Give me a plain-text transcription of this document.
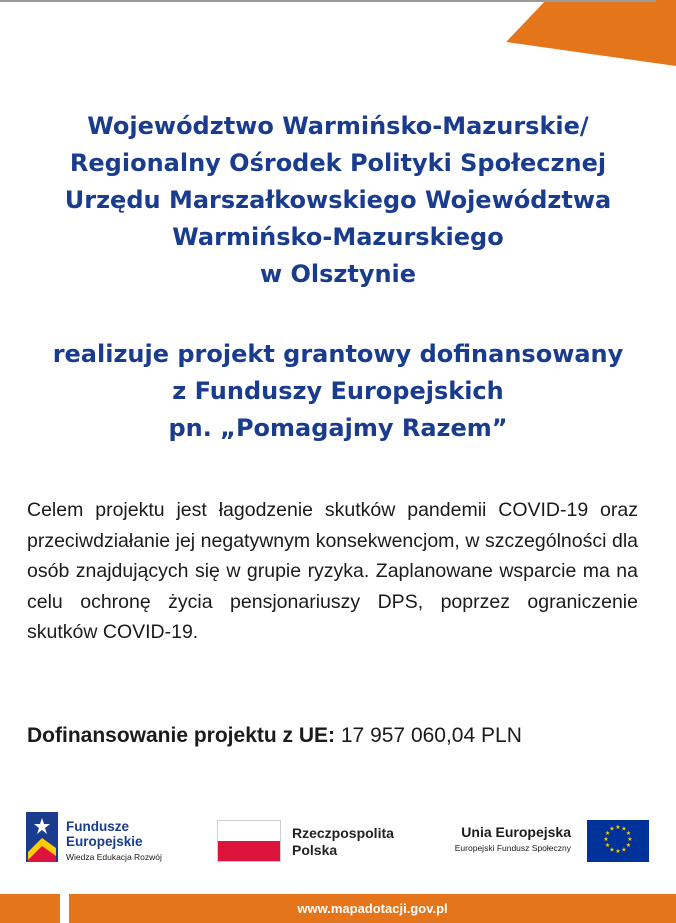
Województwo Warmińsko-Mazurskie/
Regionalny Ośrodek Polityki Społecznej
Urzędu Marszałkowskiego Województwa
Warmińsko-Mazurskiego
w Olsztynie
realizuje projekt grantowy dofinansowany
z Funduszy Europejskich
pn. „Pomagajmy Razem”
Celem projektu jest łagodzenie skutków pandemii COVID-19 oraz przeciwdziałanie jej negatywnym konsekwencjom, w szczególności dla osób znajdujących się w grupie ryzyka. Zaplanowane wsparcie ma na celu ochronę życia pensjonariuszy DPS, poprzez ograniczenie skutków COVID-19.
Dofinansowanie projektu z UE: 17 957 060,04 PLN
Fundusze
Europejskie
Wiedza Edukacja Rozwój
Rzeczpospolita
Polska
Unia Europejska
Europejski Fundusz Społeczny
★ ★
★
★
★
★
★
★
★
★
★
★
www.mapadotacji.gov.pl
